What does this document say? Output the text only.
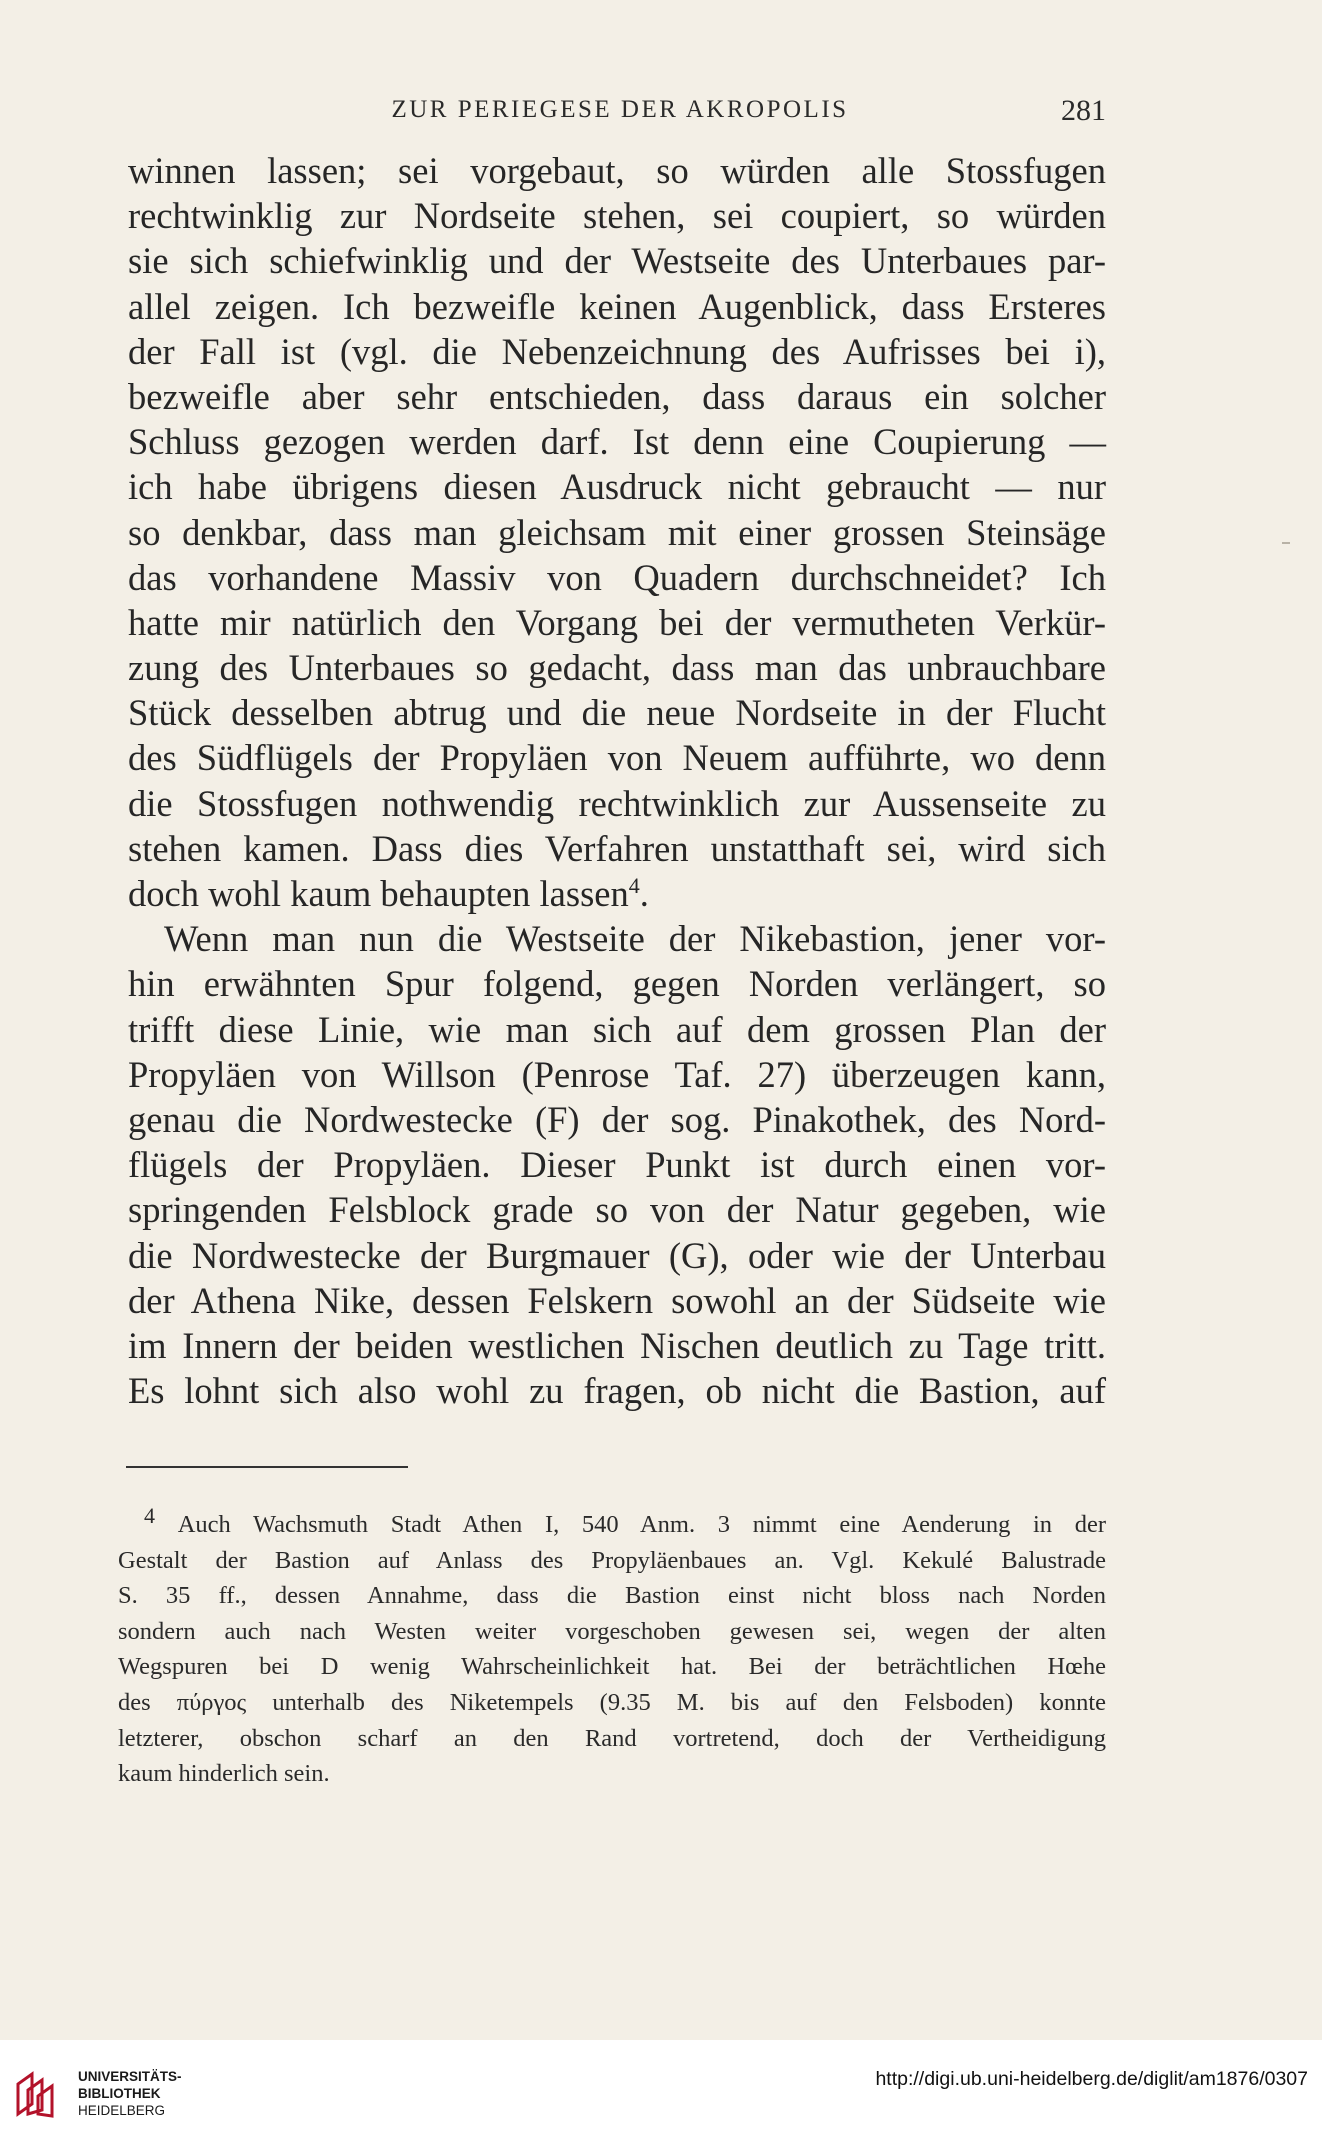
ZUR PERIEGESE DER AKROPOLIS	281
winnen lassen; sei vorgebaut, so würden alle Stossfugen
rechtwinklig zur Nordseite stehen, sei coupiert, so würden
sie sich schiefwinklig und der Westseite des Unterbaues par-
allel zeigen. Ich bezweifle keinen Augenblick, dass Ersteres
der Fall ist (vgl. die Nebenzeichnung des Aufrisses bei i),
bezweifle aber sehr entschieden, dass daraus ein solcher
Schluss gezogen werden darf. Ist denn eine Coupierung —
ich habe übrigens diesen Ausdruck nicht gebraucht — nur
so denkbar, dass man gleichsam mit einer grossen Steinsäge
das vorhandene Massiv von Quadern durchschneidet? Ich
hatte mir natürlich den Vorgang bei der vermutheten Verkür-
zung des Unterbaues so gedacht, dass man das unbrauchbare
Stück desselben abtrug und die neue Nordseite in der Flucht
des Südflügels der Propyläen von Neuem aufführte, wo denn
die Stossfugen nothwendig rechtwinklich zur Aussenseite zu
stehen kamen. Dass dies Verfahren unstatthaft sei, wird sich
doch wohl kaum behaupten lassen$^4$.
Wenn man nun die Westseite der Nikebastion, jener vor-
hin erwähnten Spur folgend, gegen Norden verlängert, so
trifft diese Linie, wie man sich auf dem grossen Plan der
Propyläen von Willson (Penrose Taf. 27) überzeugen kann,
genau die Nordwestecke (F) der sog. Pinakothek, des Nord-
flügels der Propyläen. Dieser Punkt ist durch einen vor-
springenden Felsblock grade so von der Natur gegeben, wie
die Nordwestecke der Burgmauer (G), oder wie der Unterbau
der Athena Nike, dessen Felskern sowohl an der Südseite wie
im Innern der beiden westlichen Nischen deutlich zu Tage tritt.
Es lohnt sich also wohl zu fragen, ob nicht die Bastion, auf
4 Auch Wachsmuth Stadt Athen I, 540 Anm. 3 nimmt eine Aenderung in der
Gestalt der Bastion auf Anlass des Propyläenbaues an. Vgl. Kekulé Balustrade
S. 35 ff., dessen Annahme, dass die Bastion einst nicht bloss nach Norden
sondern auch nach Westen weiter vorgeschoben gewesen sei, wegen der alten
Wegspuren bei D wenig Wahrscheinlichkeit hat. Bei der beträchtlichen Hœhe
des πύργος unterhalb des Niketempels (9.35 M. bis auf den Felsboden) konnte
letzterer, obschon scharf an den Rand vortretend, doch der Vertheidigung
kaum hinderlich sein.
UNIVERSITÄTS-
BIBLIOTHEK
HEIDELBERG
http://digi.ub.uni-heidelberg.de/diglit/am1876/0307
